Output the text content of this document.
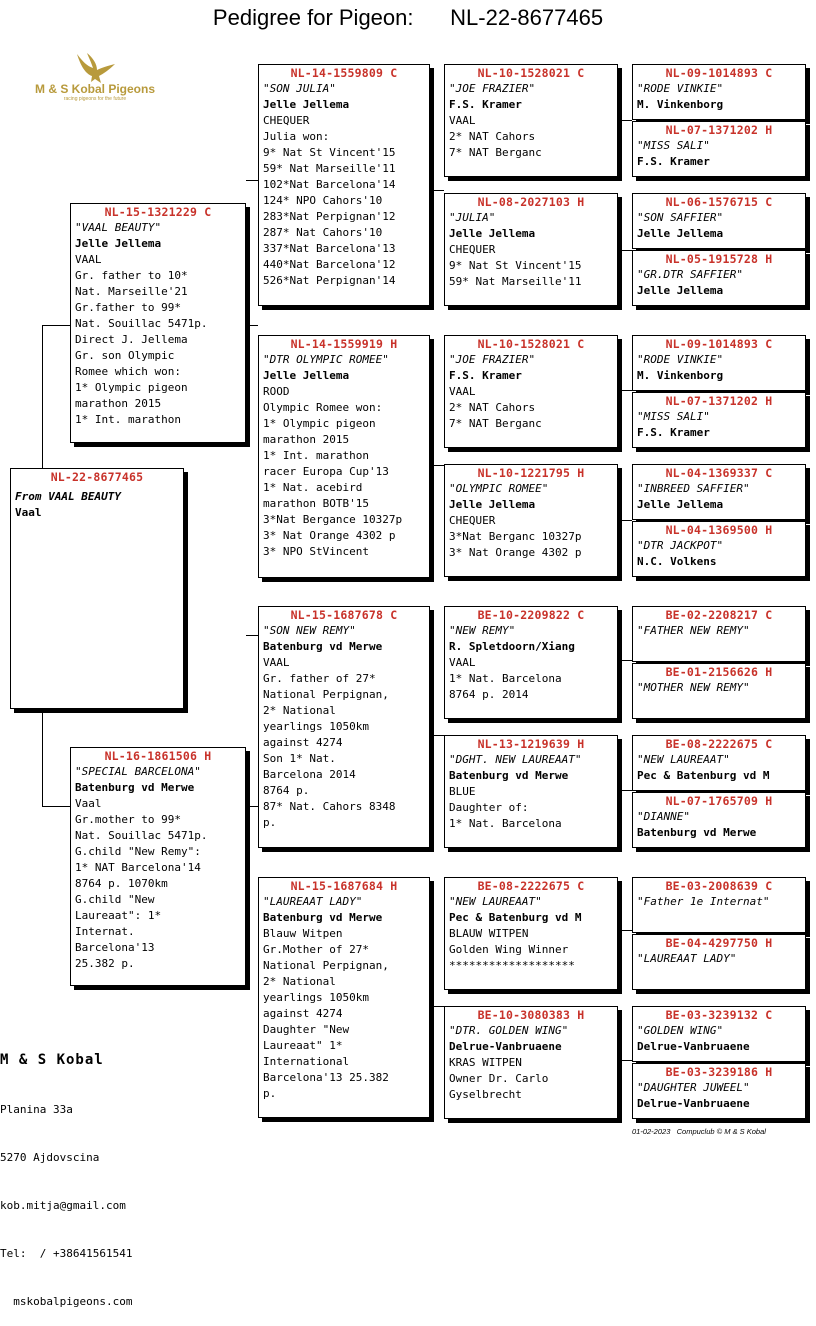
Pedigree for Pigeon:      NL-22-8677465
M & S Kobal Pigeons
racing pigeons for the future
NL-22-8677465
From VAAL BEAUTY
Vaal
NL-15-1321229 C
"VAAL BEAUTY"
Jelle Jellema
VAAL
Gr. father to 10*
Nat. Marseille'21
Gr.father to 99*
Nat. Souillac 5471p.
Direct J. Jellema
Gr. son Olympic
Romee which won:
1* Olympic pigeon
marathon 2015
1* Int. marathon
NL-16-1861506 H
"SPECIAL BARCELONA"
Batenburg vd Merwe
Vaal
Gr.mother to 99*
Nat. Souillac 5471p.
G.child "New Remy":
1* NAT Barcelona'14
8764 p. 1070km
G.child "New
Laureaat": 1*
Internat.
Barcelona'13
25.382 p.
NL-14-1559809 C
"SON JULIA"
Jelle Jellema
CHEQUER
Julia won:
9* Nat St Vincent'15
59* Nat Marseille'11
102*Nat Barcelona'14
124* NPO Cahors'10
283*Nat Perpignan'12
287* Nat Cahors'10
337*Nat Barcelona'13
440*Nat Barcelona'12
526*Nat Perpignan'14
NL-14-1559919 H
"DTR OLYMPIC ROMEE"
Jelle Jellema
ROOD
Olympic Romee won:
1* Olympic pigeon
marathon 2015
1* Int. marathon
racer Europa Cup'13
1* Nat. acebird
marathon BOTB'15
3*Nat Bergance 10327p
3* Nat Orange 4302 p
3* NPO StVincent
NL-15-1687678 C
"SON NEW REMY"
Batenburg vd Merwe
VAAL
Gr. father of 27*
National Perpignan,
2* National
yearlings 1050km
against 4274
Son 1* Nat.
Barcelona 2014
8764 p.
87* Nat. Cahors 8348
p.
NL-15-1687684 H
"LAUREAAT LADY"
Batenburg vd Merwe
Blauw Witpen
Gr.Mother of 27*
National Perpignan,
2* National
yearlings 1050km
against 4274
Daughter "New
Laureaat" 1*
International
Barcelona'13 25.382
p.
NL-10-1528021 C
"JOE FRAZIER"
F.S. Kramer
VAAL
2* NAT Cahors
7* NAT Berganc
NL-08-2027103 H
"JULIA"
Jelle Jellema
CHEQUER
9* Nat St Vincent'15
59* Nat Marseille'11
NL-10-1528021 C
"JOE FRAZIER"
F.S. Kramer
VAAL
2* NAT Cahors
7* NAT Berganc
NL-10-1221795 H
"OLYMPIC ROMEE"
Jelle Jellema
CHEQUER
3*Nat Berganc 10327p
3* Nat Orange 4302 p
BE-10-2209822 C
"NEW REMY"
R. Spletdoorn/Xiang
VAAL
1* Nat. Barcelona
8764 p. 2014
NL-13-1219639 H
"DGHT. NEW LAUREAAT"
Batenburg vd Merwe
BLUE
Daughter of:
1* Nat. Barcelona
BE-08-2222675 C
"NEW LAUREAAT"
Pec & Batenburg vd M
BLAUW WITPEN
Golden Wing Winner
*******************
BE-10-3080383 H
"DTR. GOLDEN WING"
Delrue-Vanbruaene
KRAS WITPEN
Owner Dr. Carlo
Gyselbrecht
NL-09-1014893 C
"RODE VINKIE"
M. Vinkenborg
NL-07-1371202 H
"MISS SALI"
F.S. Kramer
NL-06-1576715 C
"SON SAFFIER"
Jelle Jellema
NL-05-1915728 H
"GR.DTR SAFFIER"
Jelle Jellema
NL-09-1014893 C
"RODE VINKIE"
M. Vinkenborg
NL-07-1371202 H
"MISS SALI"
F.S. Kramer
NL-04-1369337 C
"INBREED SAFFIER"
Jelle Jellema
NL-04-1369500 H
"DTR JACKPOT"
N.C. Volkens
BE-02-2208217 C
"FATHER NEW REMY"
BE-01-2156626 H
"MOTHER NEW REMY"
BE-08-2222675 C
"NEW LAUREAAT"
Pec & Batenburg vd M
NL-07-1765709 H
"DIANNE"
Batenburg vd Merwe
BE-03-2008639 C
"Father 1e Internat"
BE-04-4297750 H
"LAUREAAT LADY"
BE-03-3239132 C
"GOLDEN WING"
Delrue-Vanbruaene
BE-03-3239186 H
"DAUGHTER JUWEEL"
Delrue-Vanbruaene

M & S Kobal

Planina 33a

5270 Ajdovscina

kob.mitja@gmail.com

Tel:  / +38641561541

mskobalpigeons.com

01-02-2023   Compuclub © M & S Kobal
